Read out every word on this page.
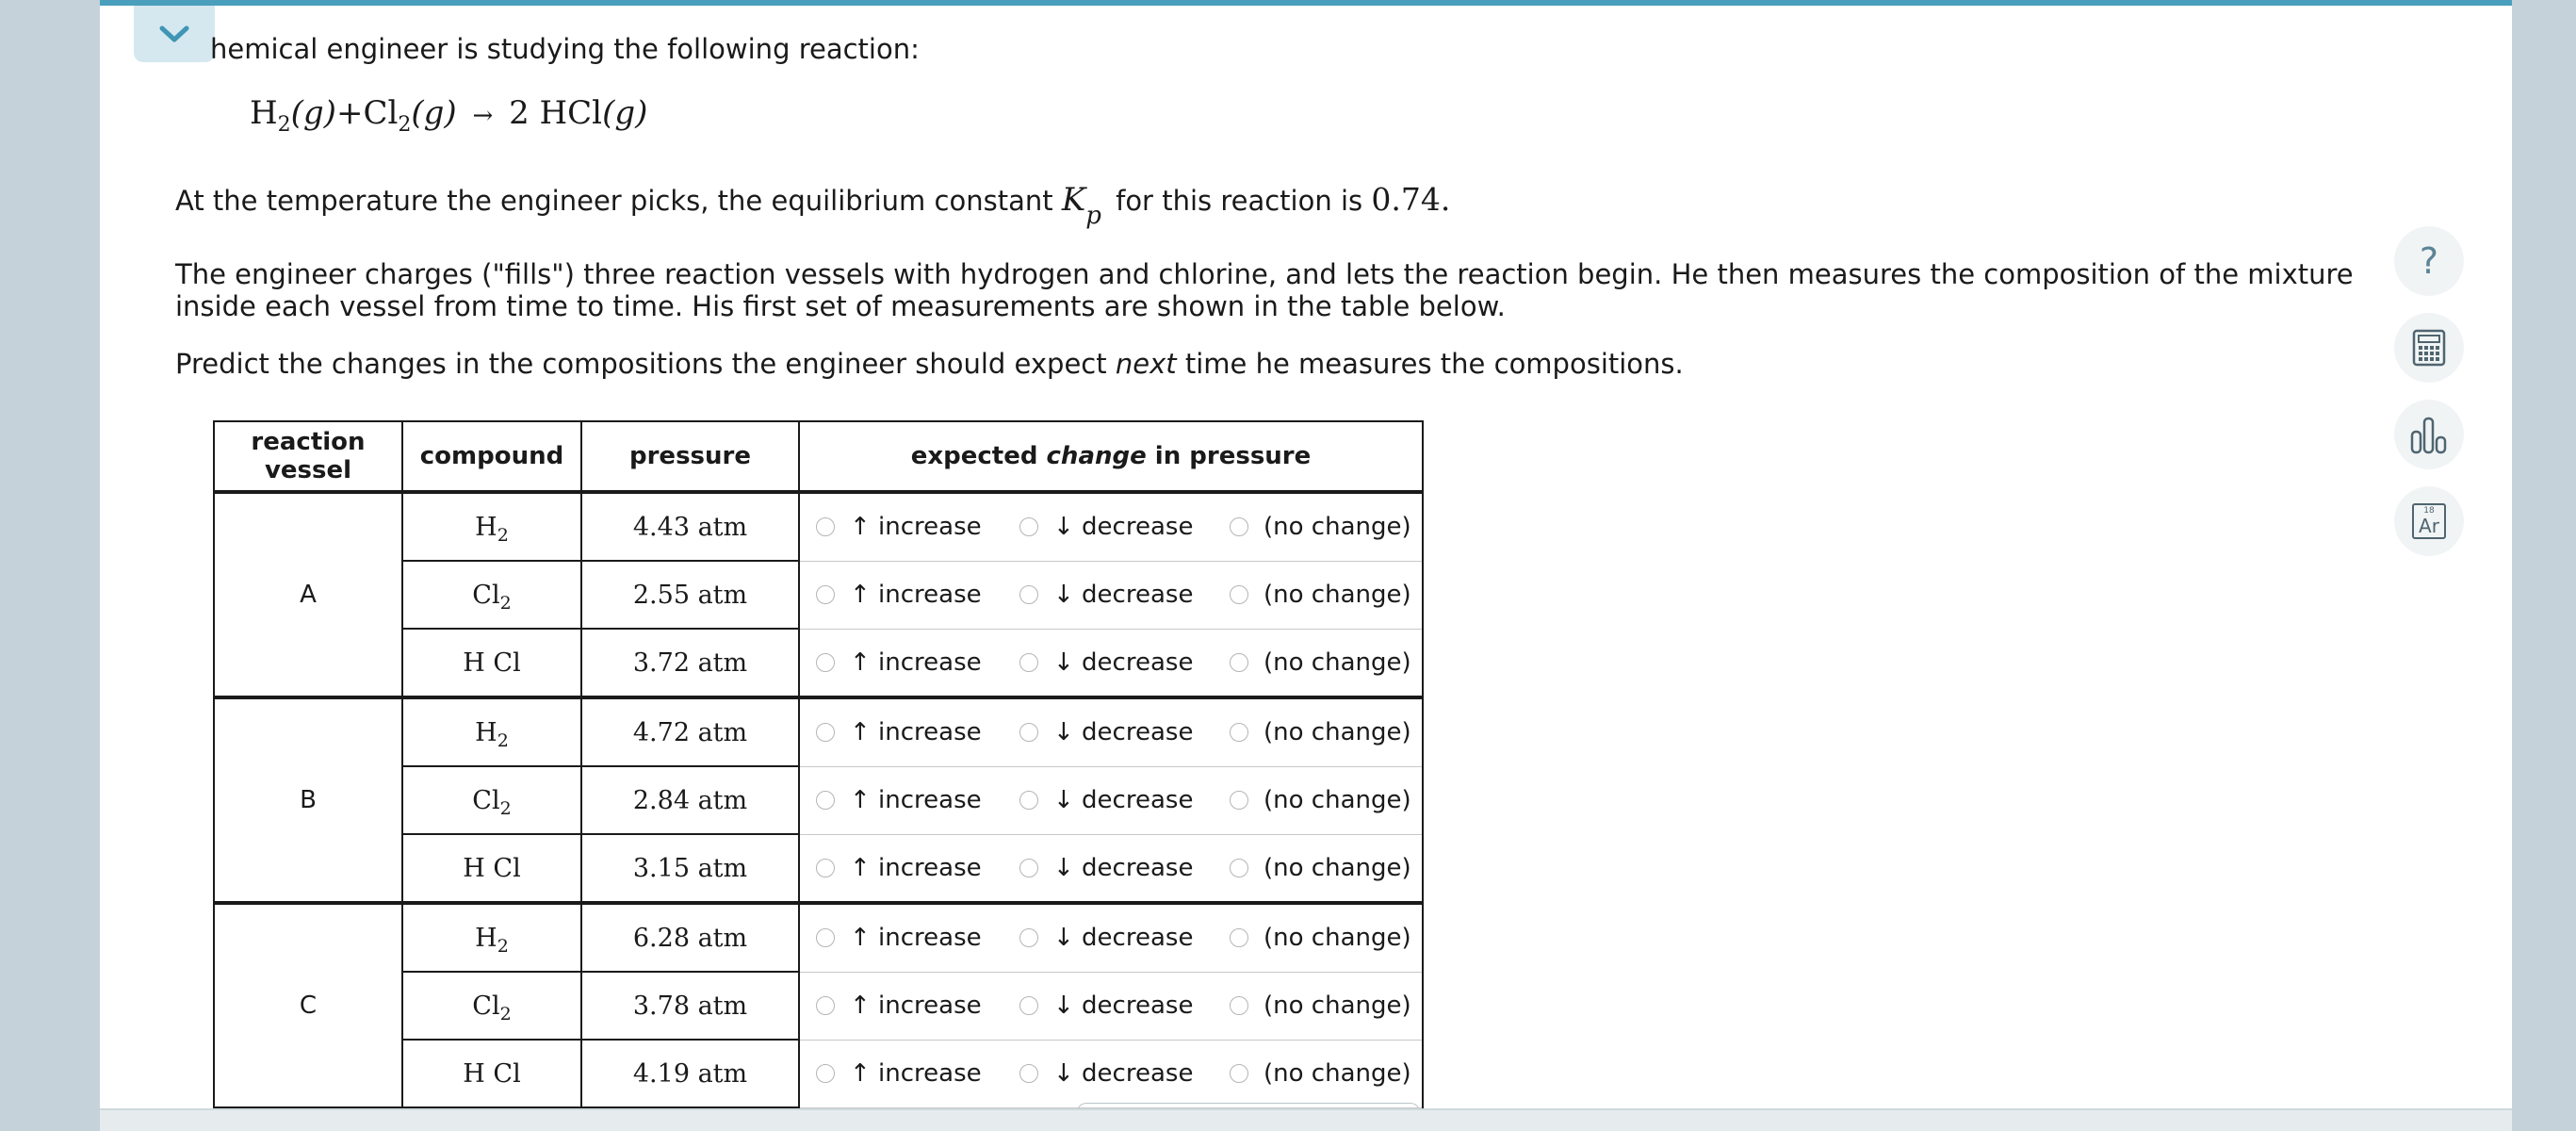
hemical engineer is studying the following reaction:
$H_2(g)+Cl_2(g) \to 2$ HCl(g)
At the temperature the engineer picks, the equilibrium constant Kp for this reaction is 0.74.
The engineer charges ("fills") three reaction vessels with hydrogen and chlorine, and lets the reaction begin. He then measures the composition of the mixture
inside each vessel from time to time. His first set of measurements are shown in the table below.
Predict the changes in the compositions the engineer should expect next time he measures the compositions.
reaction
vessel	compound	pressure	expected change in pressure
A	$H_2$	4.43 atm	↑ increase ↓ decrease (no change)

	$Cl_2$	2.55 atm	↑ increase ↓ decrease (no change)

	H Cl	3.72 atm	↑ increase ↓ decrease (no change)

B	$H_2$	4.72 atm	↑ increase ↓ decrease (no change)

	$Cl_2$	2.84 atm	↑ increase ↓ decrease (no change)

	H Cl	3.15 atm	↑ increase ↓ decrease (no change)

C	$H_2$	6.28 atm	↑ increase ↓ decrease (no change)

	$Cl_2$	3.78 atm	↑ increase ↓ decrease (no change)

	H Cl	4.19 atm	↑ increase ↓ decrease (no change)
?
18
Ar
